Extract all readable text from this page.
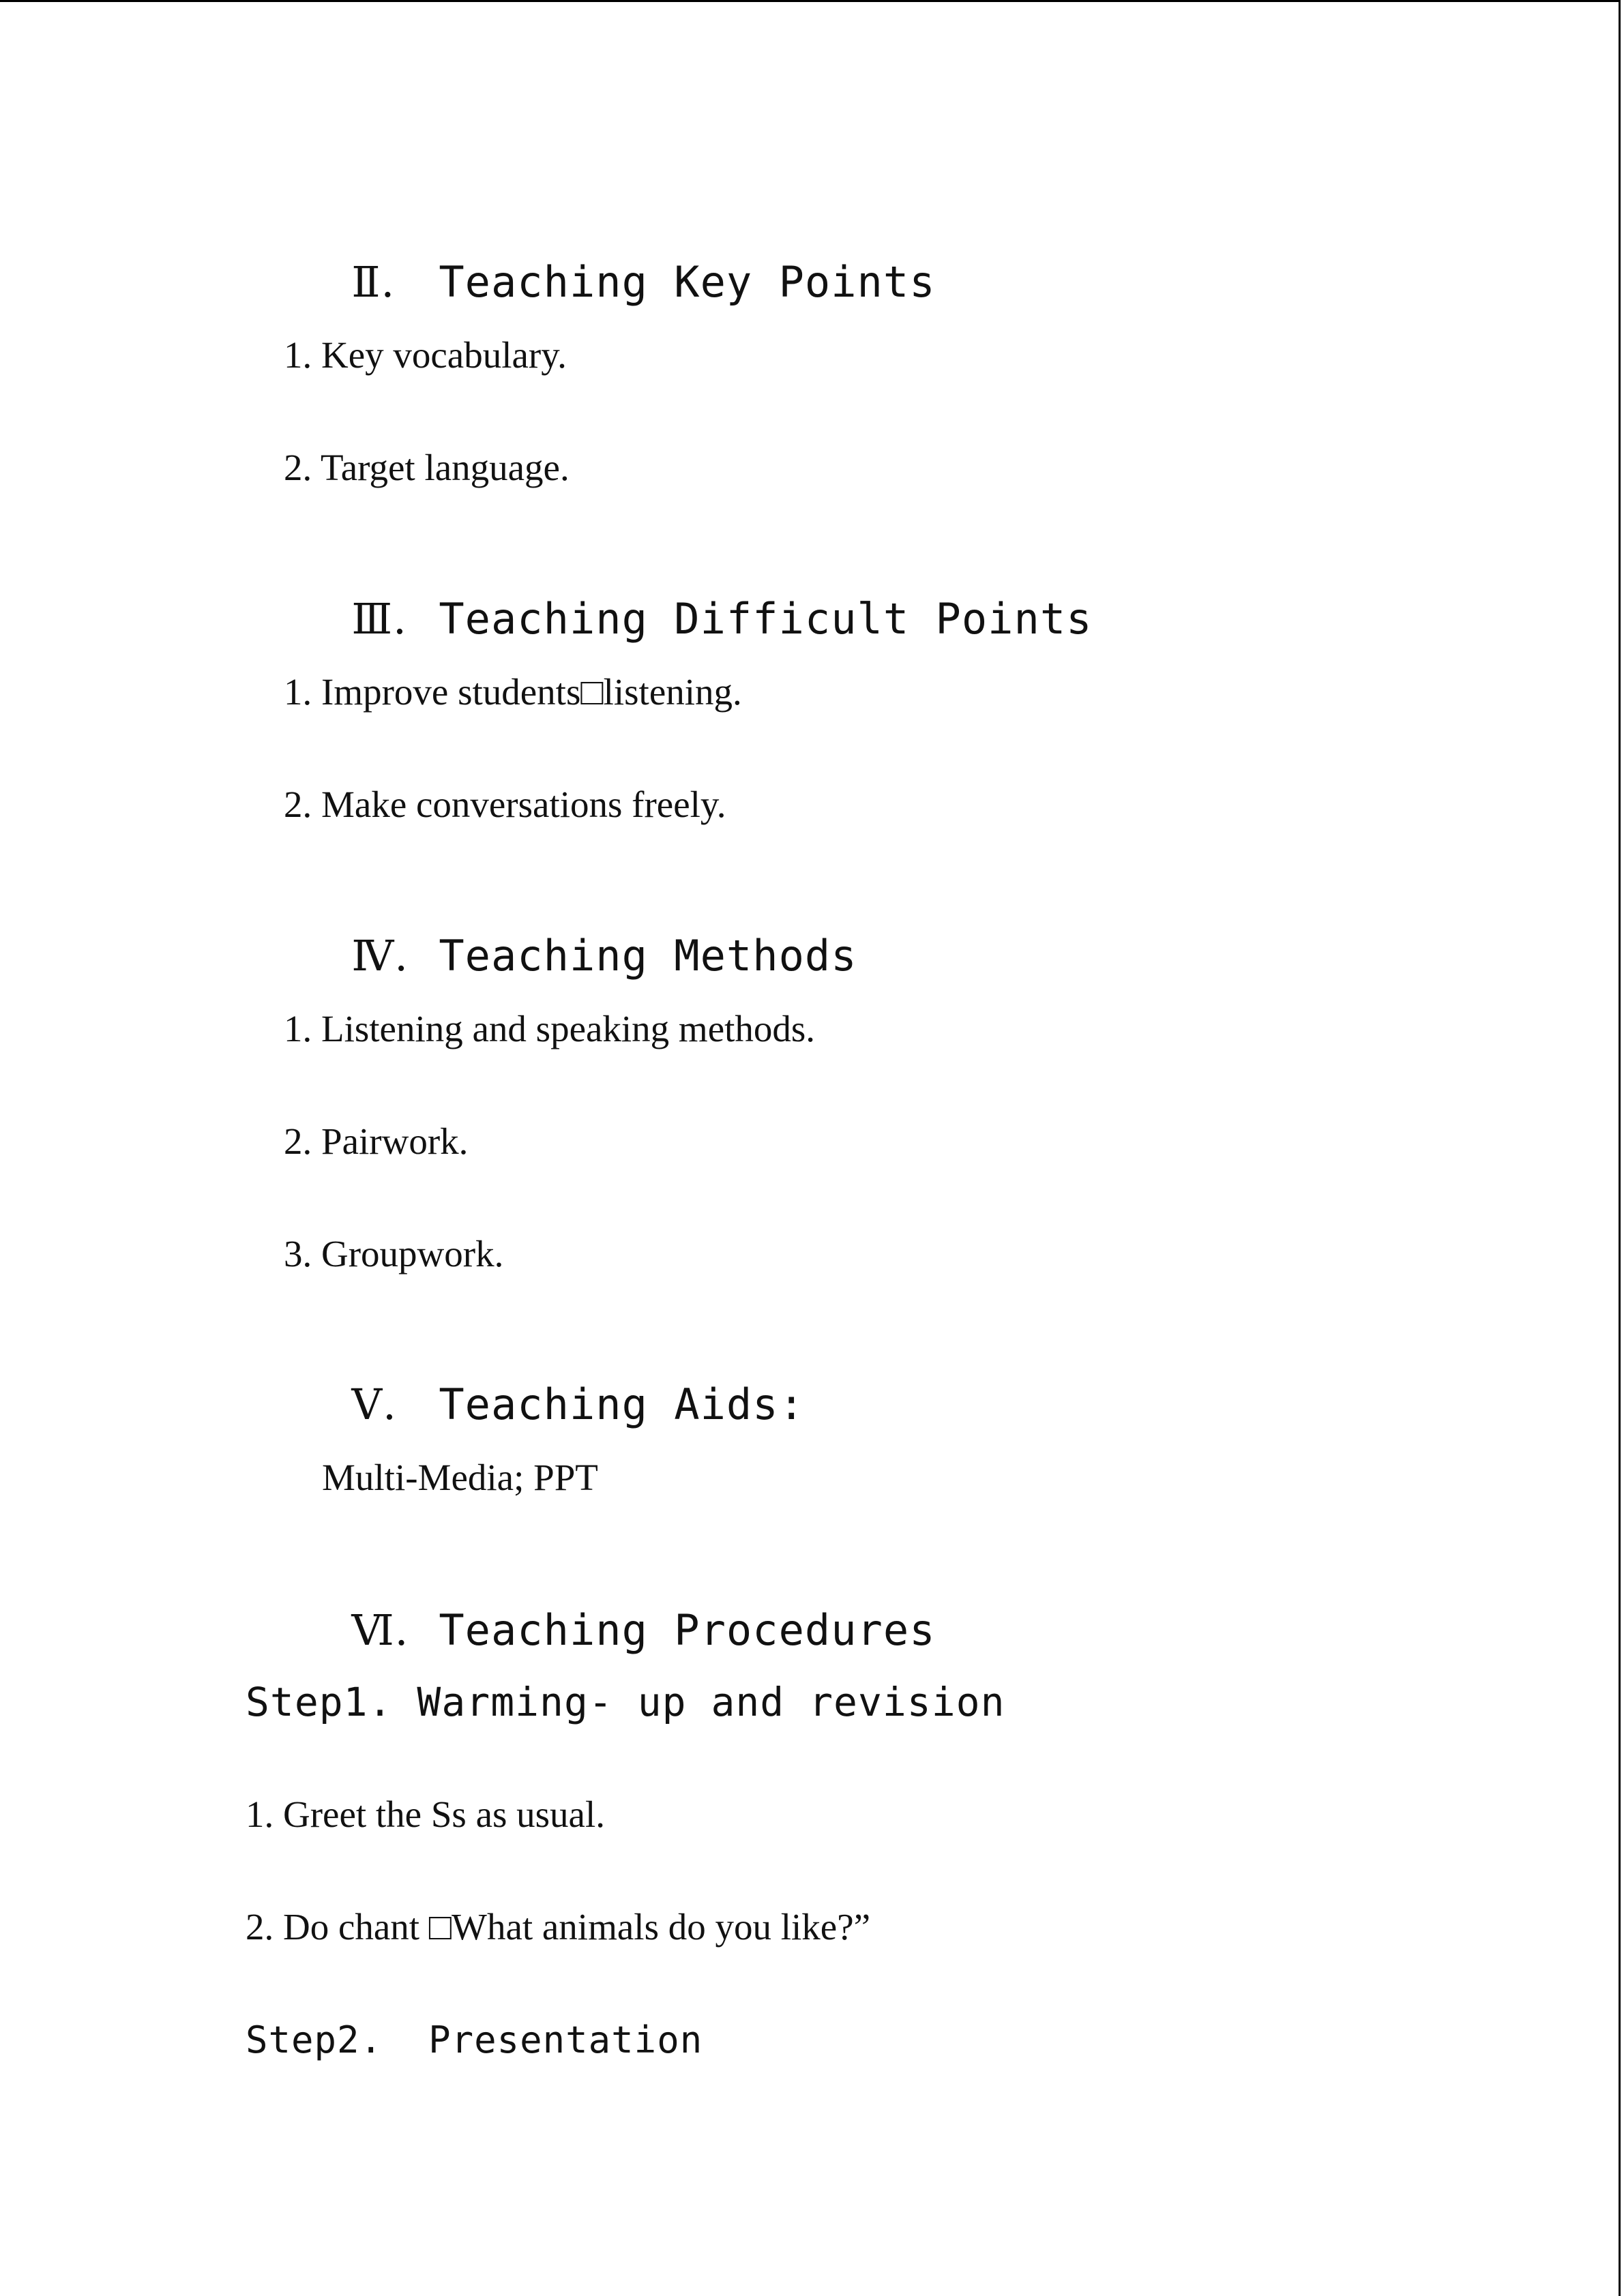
Ⅱ. Teaching Key Points

1. Key vocabulary.
2. Target language.

Ⅲ. Teaching Difficult Points

1. Improve students□listening.
2. Make conversations freely.

Ⅳ. Teaching Methods

1. Listening and speaking methods.
2. Pairwork.
3. Groupwork.

Ⅴ. Teaching Aids:

Multi-Media; PPT

Ⅵ. Teaching Procedures

Step1. Warming- up and revision
1. Greet the Ss as usual.
2. Do chant □What animals do you like?”
Step2.  Presentation
